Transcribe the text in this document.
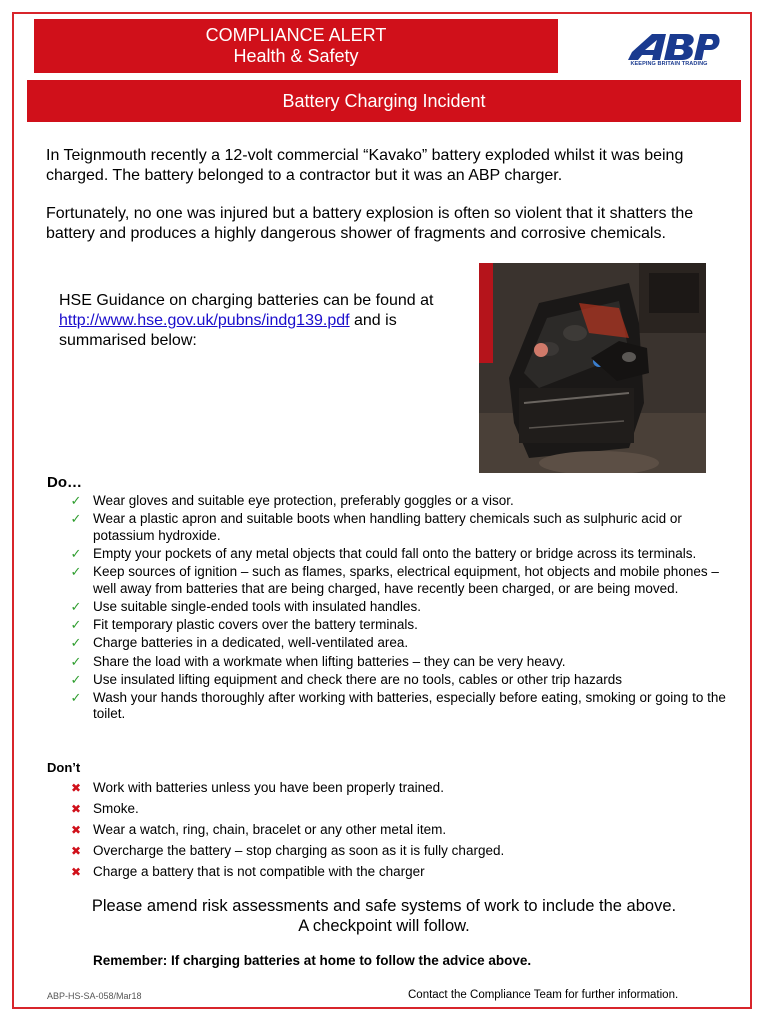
COMPLIANCE ALERT
Health & Safety	KEEPING BRITAIN TRADING
Battery Charging Incident

In Teignmouth recently a 12-volt commercial “Kavako” battery exploded whilst it was being charged. The battery belonged to a contractor but it was an ABP charger.

Fortunately, no one was injured but a battery explosion is often so violent that it shatters the battery and produces a highly dangerous shower of fragments and corrosive chemicals.

HSE Guidance on charging batteries can be found at
http://www.hse.gov.uk/pubns/indg139.pdf and is summarised below:

Do…

✓ Wear gloves and suitable eye protection, preferably goggles or a visor.
✓ Wear a plastic apron and suitable boots when handling battery chemicals such as sulphuric acid or potassium hydroxide.
✓ Empty your pockets of any metal objects that could fall onto the battery or bridge across its terminals.
✓ Keep sources of ignition – such as flames, sparks, electrical equipment, hot objects and mobile phones – well away from batteries that are being charged, have recently been charged, or are being moved.
✓ Use suitable single-ended tools with insulated handles.
✓ Fit temporary plastic covers over the battery terminals.
✓ Charge batteries in a dedicated, well-ventilated area.
✓ Share the load with a workmate when lifting batteries – they can be very heavy.
✓ Use insulated lifting equipment and check there are no tools, cables or other trip hazards
✓ Wash your hands thoroughly after working with batteries, especially before eating, smoking or going to the toilet.

Don’t

✖ Work with batteries unless you have been properly trained.
✖ Smoke.
✖ Wear a watch, ring, chain, bracelet or any other metal item.
✖ Overcharge the battery – stop charging as soon as it is fully charged.
✖ Charge a battery that is not compatible with the charger

Please amend risk assessments and safe systems of work to include the above.
A checkpoint will follow.

Remember: If charging batteries at home to follow the advice above.

ABP-HS-SA-058/Mar18	Contact the Compliance Team for further information.
